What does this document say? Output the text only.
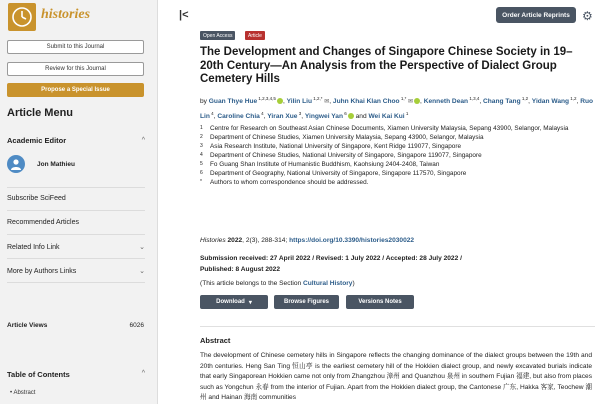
histories
Submit to this Journal
Review for this Journal
Propose a Special Issue
Article Menu
Academic Editor	^
Jon Mathieu
Subscribe SciFeed
Recommended Articles
Related Info Link	⌄
More by Authors Links	⌄
Article Views	6026
Table of Contents	^
• Abstract
|<	Order Article Reprints	⚙
Open Access	Article
The Development and Changes of Singapore Chinese Society in 19–20th Century—An Analysis from the Perspective of Dialect Group Cemetery Hills
by Guan Thye Hue $^{1,2,3,4,5}$ , Yilin Liu $^{1,2,*}$ ✉, Juhn Khai Klan Choo $^{1,*}$ ✉ , Kenneth Dean $^{1,3,4}$, Chang Tang $^{1,2}$, Yidan Wang $^{1,2}$, Ruo Lin $^4$, Caroline Chia $^4$, Yiran Xue $^3$, Yingwei Yan $^6$ and Wei Kai Kui $^1$
1	Centre for Research on Southeast Asian Chinese Documents, Xiamen University Malaysia, Sepang 43900, Selangor, Malaysia
2	Department of Chinese Studies, Xiamen University Malaysia, Sepang 43900, Selangor, Malaysia
3	Asia Research Institute, National University of Singapore, Kent Ridge 119077, Singapore
4	Department of Chinese Studies, National University of Singapore, Singapore 119077, Singapore
5	Fo Guang Shan Institute of Humanistic Buddhism, Kaohsiung 2404-2408, Taiwan
6	Department of Geography, National University of Singapore, Singapore 117570, Singapore
*	Authors to whom correspondence should be addressed.
Histories 2022, 2(3), 288-314; https://doi.org/10.3390/histories2030022
Submission received: 27 April 2022 / Revised: 1 July 2022 / Accepted: 28 July 2022 /
Published: 8 August 2022
(This article belongs to the Section Cultural History)
Download ▾	Browse Figures	Versions Notes
Abstract
The development of Chinese cemetery hills in Singapore reflects the changing dominance of the dialect groups between the 19th and 20th centuries. Heng San Ting 恒山亭 is the earliest cemetery hill of the Hokkien dialect group, and newly excavated burials indicate that early Singaporean Hokkien came not only from Zhangzhou 漳州 and Quanzhou 泉州 in southern Fujian 福建, but also from places such as Yongchun 永春 from the interior of Fujian. Apart from the Hokkien dialect group, the Cantonese 广东, Hakka 客家, Teochew 潮州 and Hainan 海南 communities
